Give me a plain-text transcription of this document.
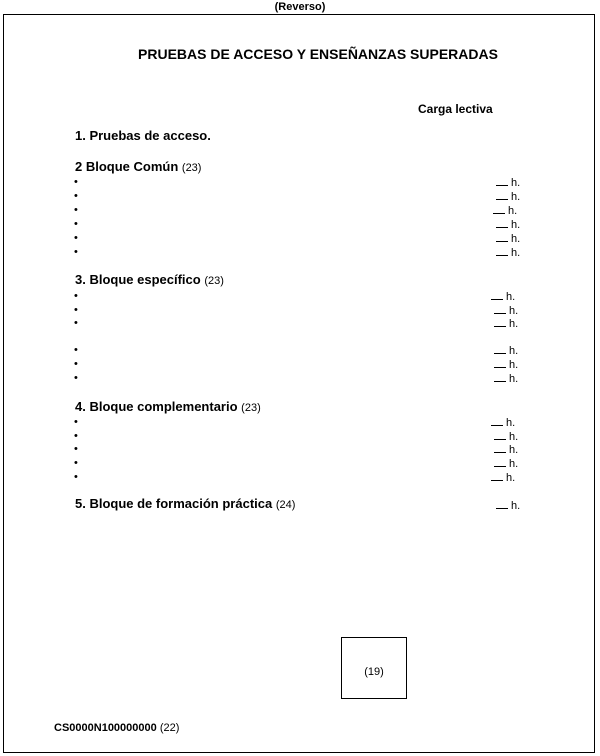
(Reverso)
PRUEBAS DE ACCESO Y ENSEÑANZAS SUPERADAS
Carga lectiva
1. Pruebas de acceso.
2 Bloque Común (23)
•	h.
•	h.
•	h.
•	h.
•	h.
•	h.
3. Bloque específico (23)
•	h.
•	h.
•	h.
•	h.
•	h.
•	h.
4. Bloque complementario (23)
•	h.
•	h.
•	h.
•	h.
•	h.
5. Bloque de formación práctica (24)	h.
(19)
CS0000N100000000 (22)
